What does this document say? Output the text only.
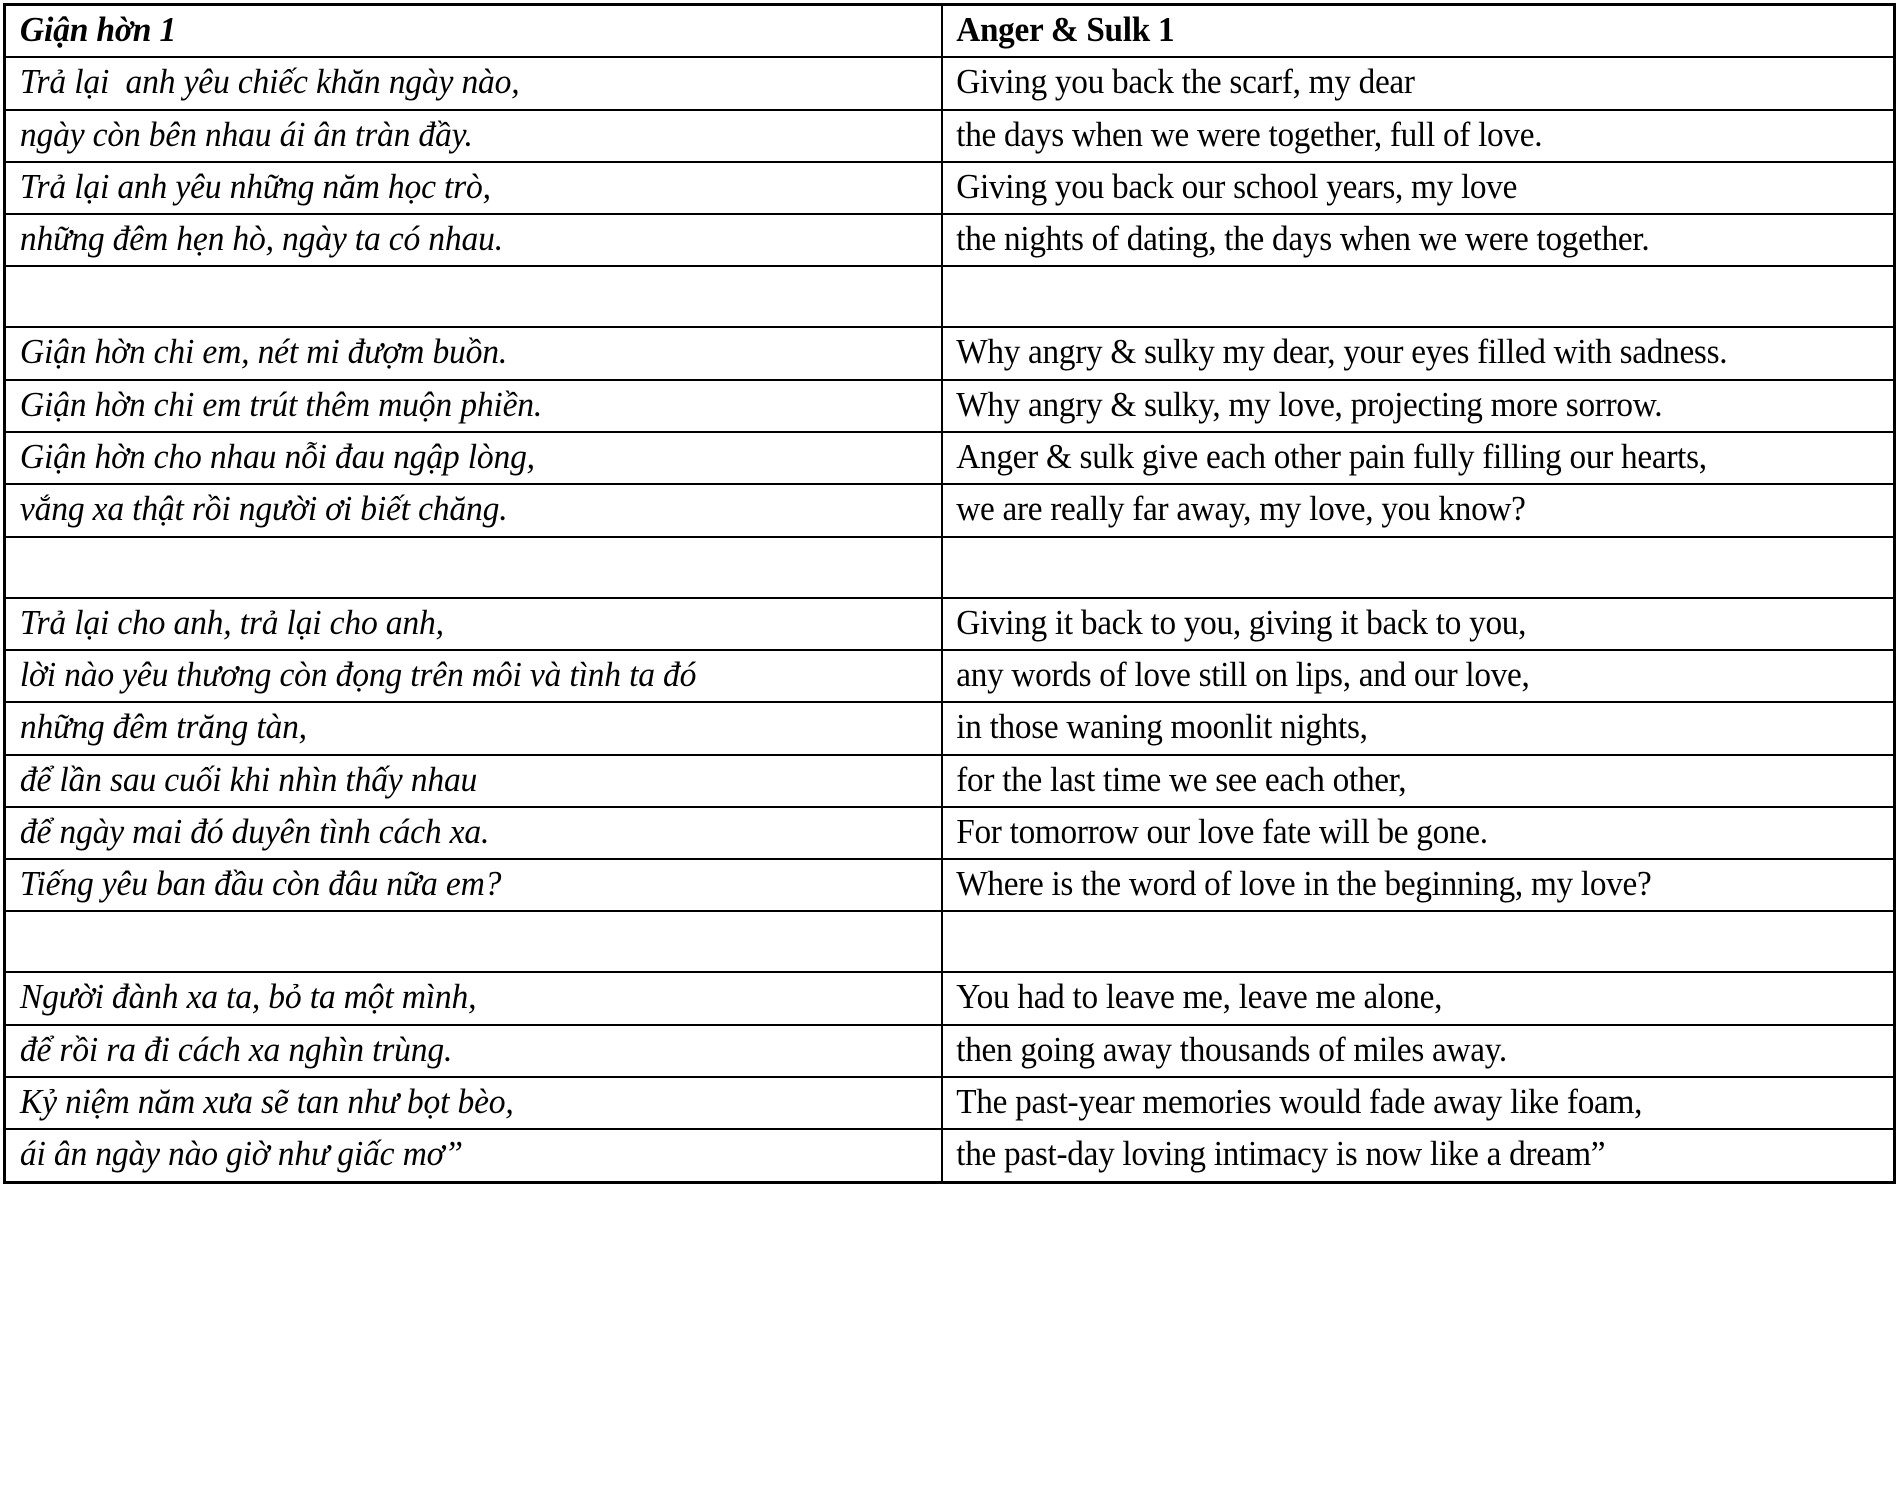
Giận hờn 1	Anger & Sulk 1

Trả lại  anh yêu chiếc khăn ngày nào,	Giving you back the scarf, my dear

ngày còn bên nhau ái ân tràn đầy.	the days when we were together, full of love.

Trả lại anh yêu những năm học trò,	Giving you back our school years, my love

những đêm hẹn hò, ngày ta có nhau.	the nights of dating, the days when we were together.

Giận hờn chi em, nét mi đượm buồn.	Why angry & sulky my dear, your eyes filled with sadness.

Giận hờn chi em trút thêm muộn phiền.	Why angry & sulky, my love, projecting more sorrow.

Giận hờn cho nhau nỗi đau ngập lòng,	Anger & sulk give each other pain fully filling our hearts,

vắng xa thật rồi người ơi biết chăng.	we are really far away, my love, you know?

Trả lại cho anh, trả lại cho anh,	Giving it back to you, giving it back to you,

lời nào yêu thương còn đọng trên môi và tình ta đó	any words of love still on lips, and our love,

những đêm trăng tàn,	in those waning moonlit nights,

để lần sau cuối khi nhìn thấy nhau	for the last time we see each other,

để ngày mai đó duyên tình cách xa.	For tomorrow our love fate will be gone.

Tiếng yêu ban đầu còn đâu nữa em?	Where is the word of love in the beginning, my love?

Người đành xa ta, bỏ ta một mình,	You had to leave me, leave me alone,

để rồi ra đi cách xa nghìn trùng.	then going away thousands of miles away.

Kỷ niệm năm xưa sẽ tan như bọt bèo,	The past-year memories would fade away like foam,

ái ân ngày nào giờ như giấc mơ”	the past-day loving intimacy is now like a dream”
